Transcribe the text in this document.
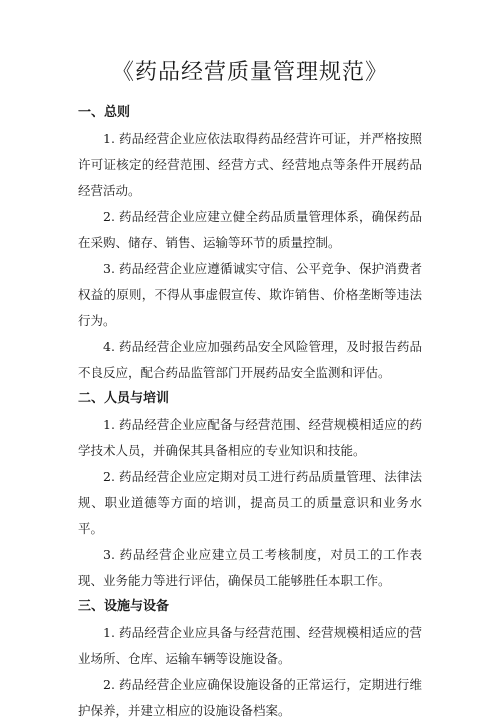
《药品经营质量管理规范》

一、总则

1. 药品经营企业应依法取得药品经营许可证，并严格按照许可证核定的经营范围、经营方式、经营地点等条件开展药品经营活动。

2. 药品经营企业应建立健全药品质量管理体系，确保药品在采购、储存、销售、运输等环节的质量控制。

3. 药品经营企业应遵循诚实守信、公平竞争、保护消费者权益的原则，不得从事虚假宣传、欺诈销售、价格垄断等违法行为。

4. 药品经营企业应加强药品安全风险管理，及时报告药品不良反应，配合药品监管部门开展药品安全监测和评估。

二、人员与培训

1. 药品经营企业应配备与经营范围、经营规模相适应的药学技术人员，并确保其具备相应的专业知识和技能。

2. 药品经营企业应定期对员工进行药品质量管理、法律法规、职业道德等方面的培训，提高员工的质量意识和业务水平。

3. 药品经营企业应建立员工考核制度，对员工的工作表现、业务能力等进行评估，确保员工能够胜任本职工作。

三、设施与设备

1. 药品经营企业应具备与经营范围、经营规模相适应的营业场所、仓库、运输车辆等设施设备。

2. 药品经营企业应确保设施设备的正常运行，定期进行维护保养，并建立相应的设施设备档案。
